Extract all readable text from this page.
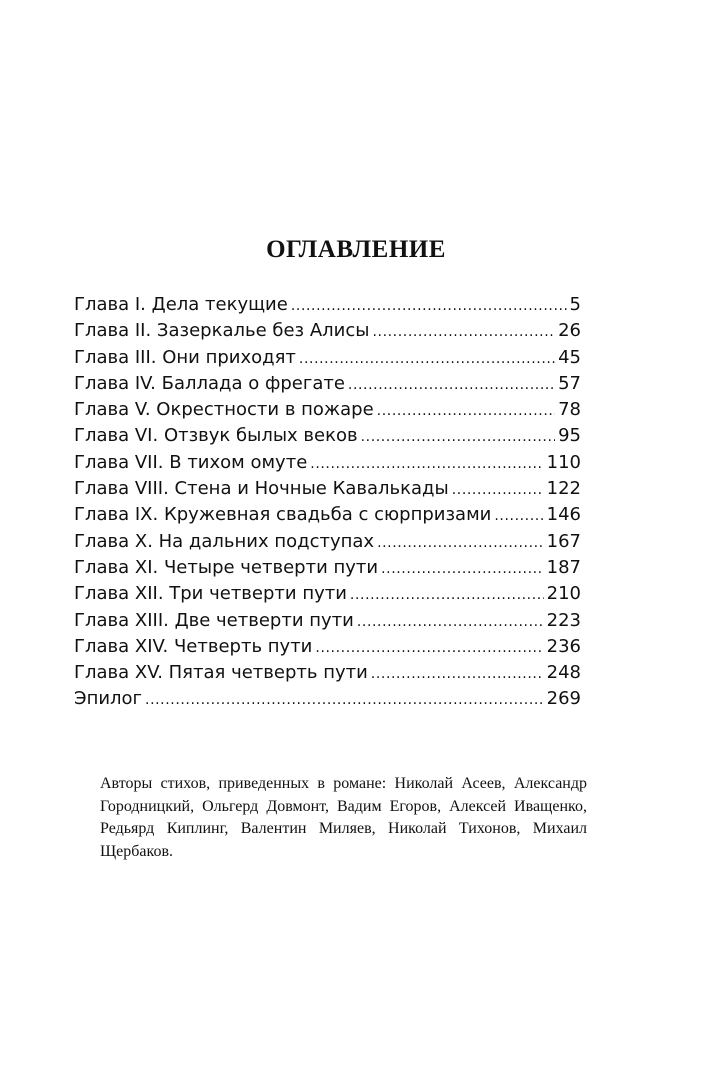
ОГЛАВЛЕНИЕ
Глава I. Дела текущие .....	5
Глава II. Зазеркалье без Алисы .....	26
Глава III. Они приходят .....	45
Глава IV. Баллада о фрегате .....	57
Глава V. Окрестности в пожаре .....	78
Глава VI. Отзвук былых веков .....	95
Глава VII. В тихом омуте .....	110
Глава VIII. Стена и Ночные Кавалькады .....	122
Глава IX. Кружевная свадьба с сюрпризами .....	146
Глава X. На дальних подступах .....	167
Глава XI. Четыре четверти пути .....	187
Глава XII. Три четверти пути .....	210
Глава XIII. Две четверти пути .....	223
Глава XIV. Четверть пути .....	236
Глава XV. Пятая четверть пути .....	248
Эпилог .....	269

Авторы стихов, приведенных в романе: Николай Асеев, Александр Городницкий, Ольгерд Довмонт, Вадим Егоров, Алексей Иващенко, Редьярд Киплинг, Валентин Миляев, Николай Тихонов, Михаил Щербаков.
